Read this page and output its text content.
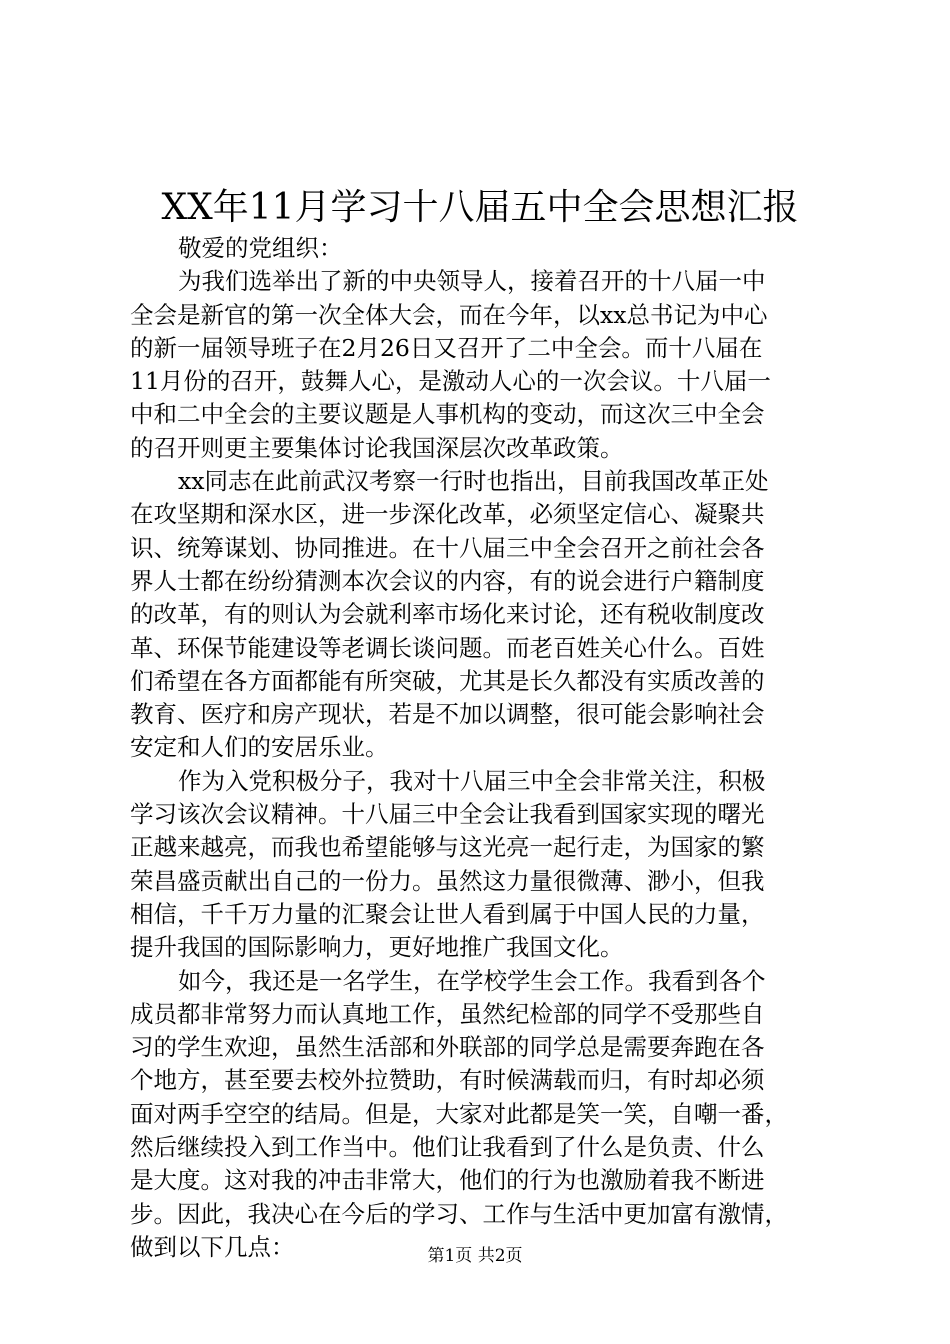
XX年11月学习十八届五中全会思想汇报

敬爱的党组织：

为我们选举出了新的中央领导人，接着召开的十八届一中
全会是新官的第一次全体大会，而在今年，以xx总书记为中心
的新一届领导班子在2月26日又召开了二中全会。而十八届在
11月份的召开，鼓舞人心，是激动人心的一次会议。十八届一
中和二中全会的主要议题是人事机构的变动，而这次三中全会
的召开则更主要集体讨论我国深层次改革政策。

xx同志在此前武汉考察一行时也指出，目前我国改革正处
在攻坚期和深水区，进一步深化改革，必须坚定信心、凝聚共
识、统筹谋划、协同推进。在十八届三中全会召开之前社会各
界人士都在纷纷猜测本次会议的内容，有的说会进行户籍制度
的改革，有的则认为会就利率市场化来讨论，还有税收制度改
革、环保节能建设等老调长谈问题。而老百姓关心什么。百姓
们希望在各方面都能有所突破，尤其是长久都没有实质改善的
教育、医疗和房产现状，若是不加以调整，很可能会影响社会
安定和人们的安居乐业。

作为入党积极分子，我对十八届三中全会非常关注，积极
学习该次会议精神。十八届三中全会让我看到国家实现的曙光
正越来越亮，而我也希望能够与这光亮一起行走，为国家的繁
荣昌盛贡献出自己的一份力。虽然这力量很微薄、渺小，但我
相信，千千万力量的汇聚会让世人看到属于中国人民的力量，
提升我国的国际影响力，更好地推广我国文化。

如今，我还是一名学生，在学校学生会工作。我看到各个
成员都非常努力而认真地工作，虽然纪检部的同学不受那些自
习的学生欢迎，虽然生活部和外联部的同学总是需要奔跑在各
个地方，甚至要去校外拉赞助，有时候满载而归，有时却必须
面对两手空空的结局。但是，大家对此都是笑一笑，自嘲一番，
然后继续投入到工作当中。他们让我看到了什么是负责、什么
是大度。这对我的冲击非常大，他们的行为也激励着我不断进
步。因此，我决心在今后的学习、工作与生活中更加富有激情，
做到以下几点：	第1页 共2页
